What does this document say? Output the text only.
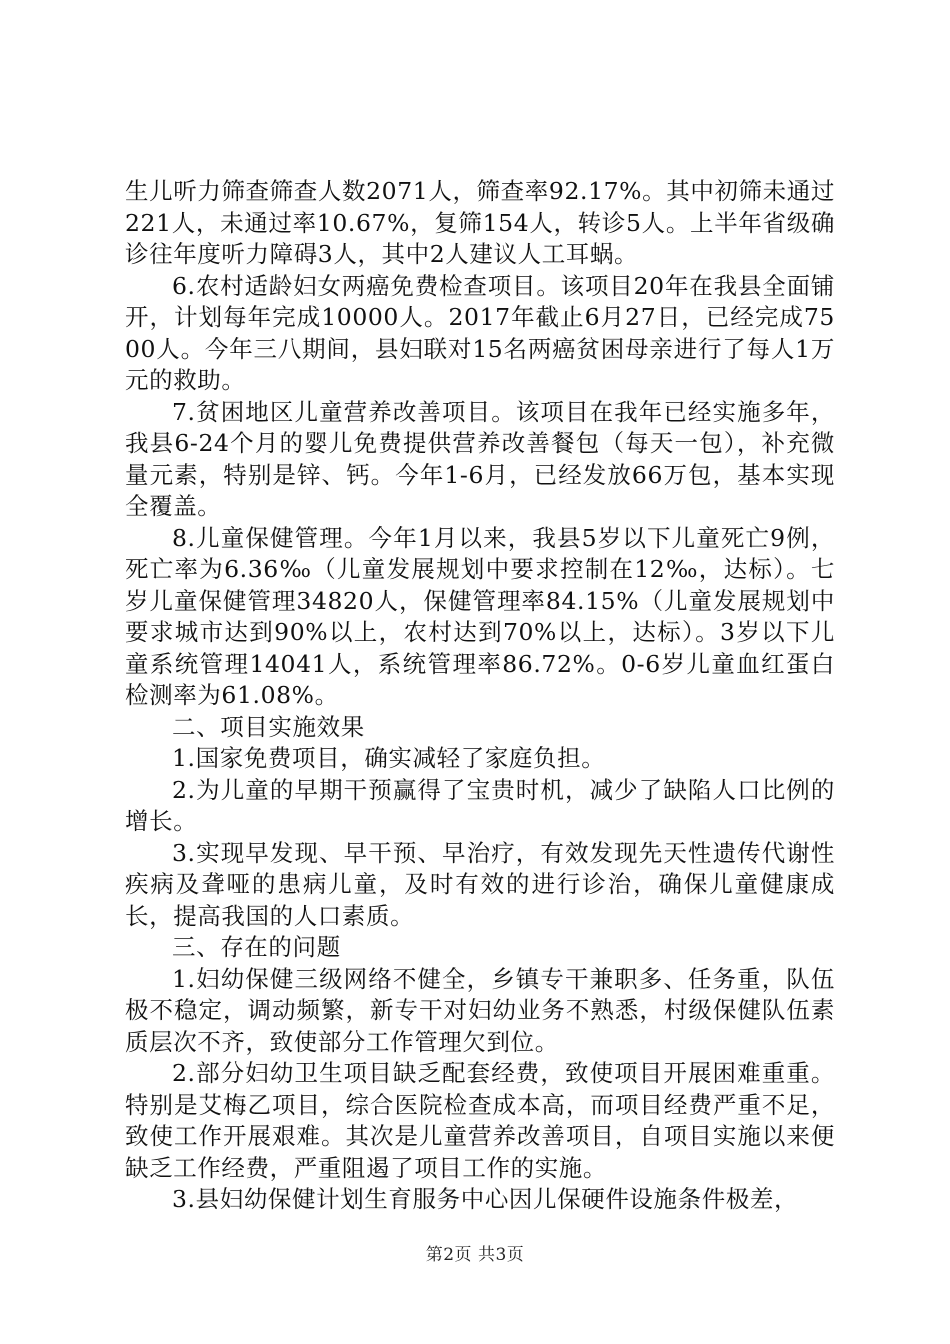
生儿听力筛查筛查人数2071人，筛查率92.17%。其中初筛未通过221人，未通过率10.67%，复筛154人，转诊5人。上半年省级确诊往年度听力障碍3人，其中2人建议人工耳蜗。

6.农村适龄妇女两癌免费检查项目。该项目20年在我县全面铺开，计划每年完成10000人。2017年截止6月27日，已经完成7500人。今年三八期间，县妇联对15名两癌贫困母亲进行了每人1万元的救助。

7.贫困地区儿童营养改善项目。该项目在我年已经实施多年，我县6-24个月的婴儿免费提供营养改善餐包（每天一包），补充微量元素，特别是锌、钙。今年1-6月，已经发放66万包，基本实现全覆盖。

8.儿童保健管理。今年1月以来，我县5岁以下儿童死亡9例，死亡率为6.36‰（儿童发展规划中要求控制在12‰，达标）。七岁儿童保健管理34820人，保健管理率84.15%（儿童发展规划中要求城市达到90%以上，农村达到70%以上，达标）。3岁以下儿童系统管理14041人，系统管理率86.72%。0-6岁儿童血红蛋白检测率为61.08%。

二、项目实施效果

1.国家免费项目，确实减轻了家庭负担。

2.为儿童的早期干预赢得了宝贵时机，减少了缺陷人口比例的增长。

3.实现早发现、早干预、早治疗，有效发现先天性遗传代谢性疾病及聋哑的患病儿童，及时有效的进行诊治，确保儿童健康成长，提高我国的人口素质。

三、存在的问题

1.妇幼保健三级网络不健全，乡镇专干兼职多、任务重，队伍极不稳定，调动频繁，新专干对妇幼业务不熟悉，村级保健队伍素质层次不齐，致使部分工作管理欠到位。

2.部分妇幼卫生项目缺乏配套经费，致使项目开展困难重重。特别是艾梅乙项目，综合医院检查成本高，而项目经费严重不足，致使工作开展艰难。其次是儿童营养改善项目，自项目实施以来便缺乏工作经费，严重阻遏了项目工作的实施。

3.县妇幼保健计划生育服务中心因儿保硬件设施条件极差，

第2页 共3页
